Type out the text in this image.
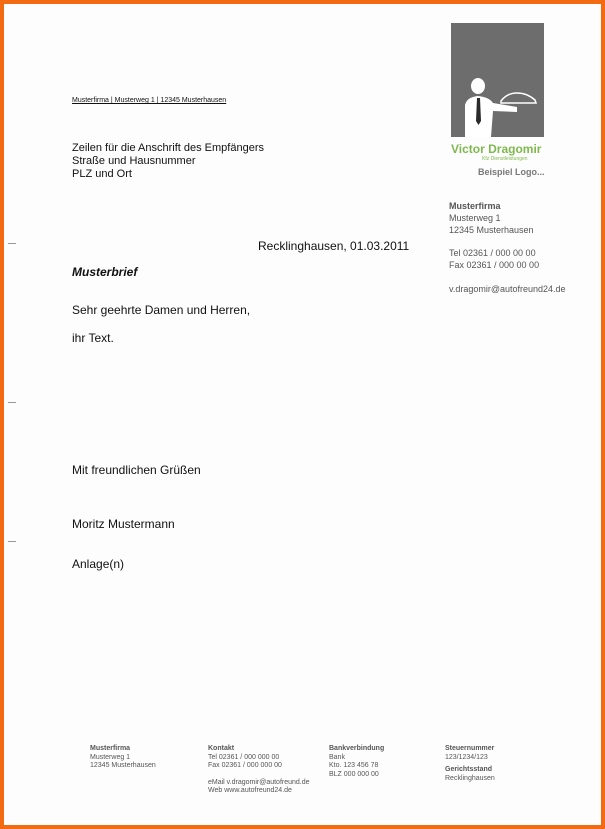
Musterfirma | Musterweg 1 | 12345 Musterhausen
Zeilen für die Anschrift des Empfängers
Straße und Hausnummer
PLZ und Ort
Recklinghausen, 01.03.2011
Musterbrief
Sehr geehrte Damen und Herren,
ihr Text.
Mit freundlichen Grüßen
Moritz Mustermann
Anlage(n)
Victor Dragomir
Kfz Dienstleistungen
Beispiel Logo...
Musterfirma
Musterweg 1
12345 Musterhausen
Tel 02361 / 000 00 00
Fax 02361 / 000 00 00
v.dragomir@autofreund24.de
Musterfirma
Musterweg 1
12345 Musterhausen
Kontakt
Tel 02361 / 000 000 00
Fax 02361 / 000 000 00
eMail v.dragomir@autofreund.de
Web www.autofreund24.de
Bankverbindung
Bank
Kto. 123 456 78
BLZ 000 000 00
Steuernummer
123/1234/123
Gerichtsstand
Recklinghausen
